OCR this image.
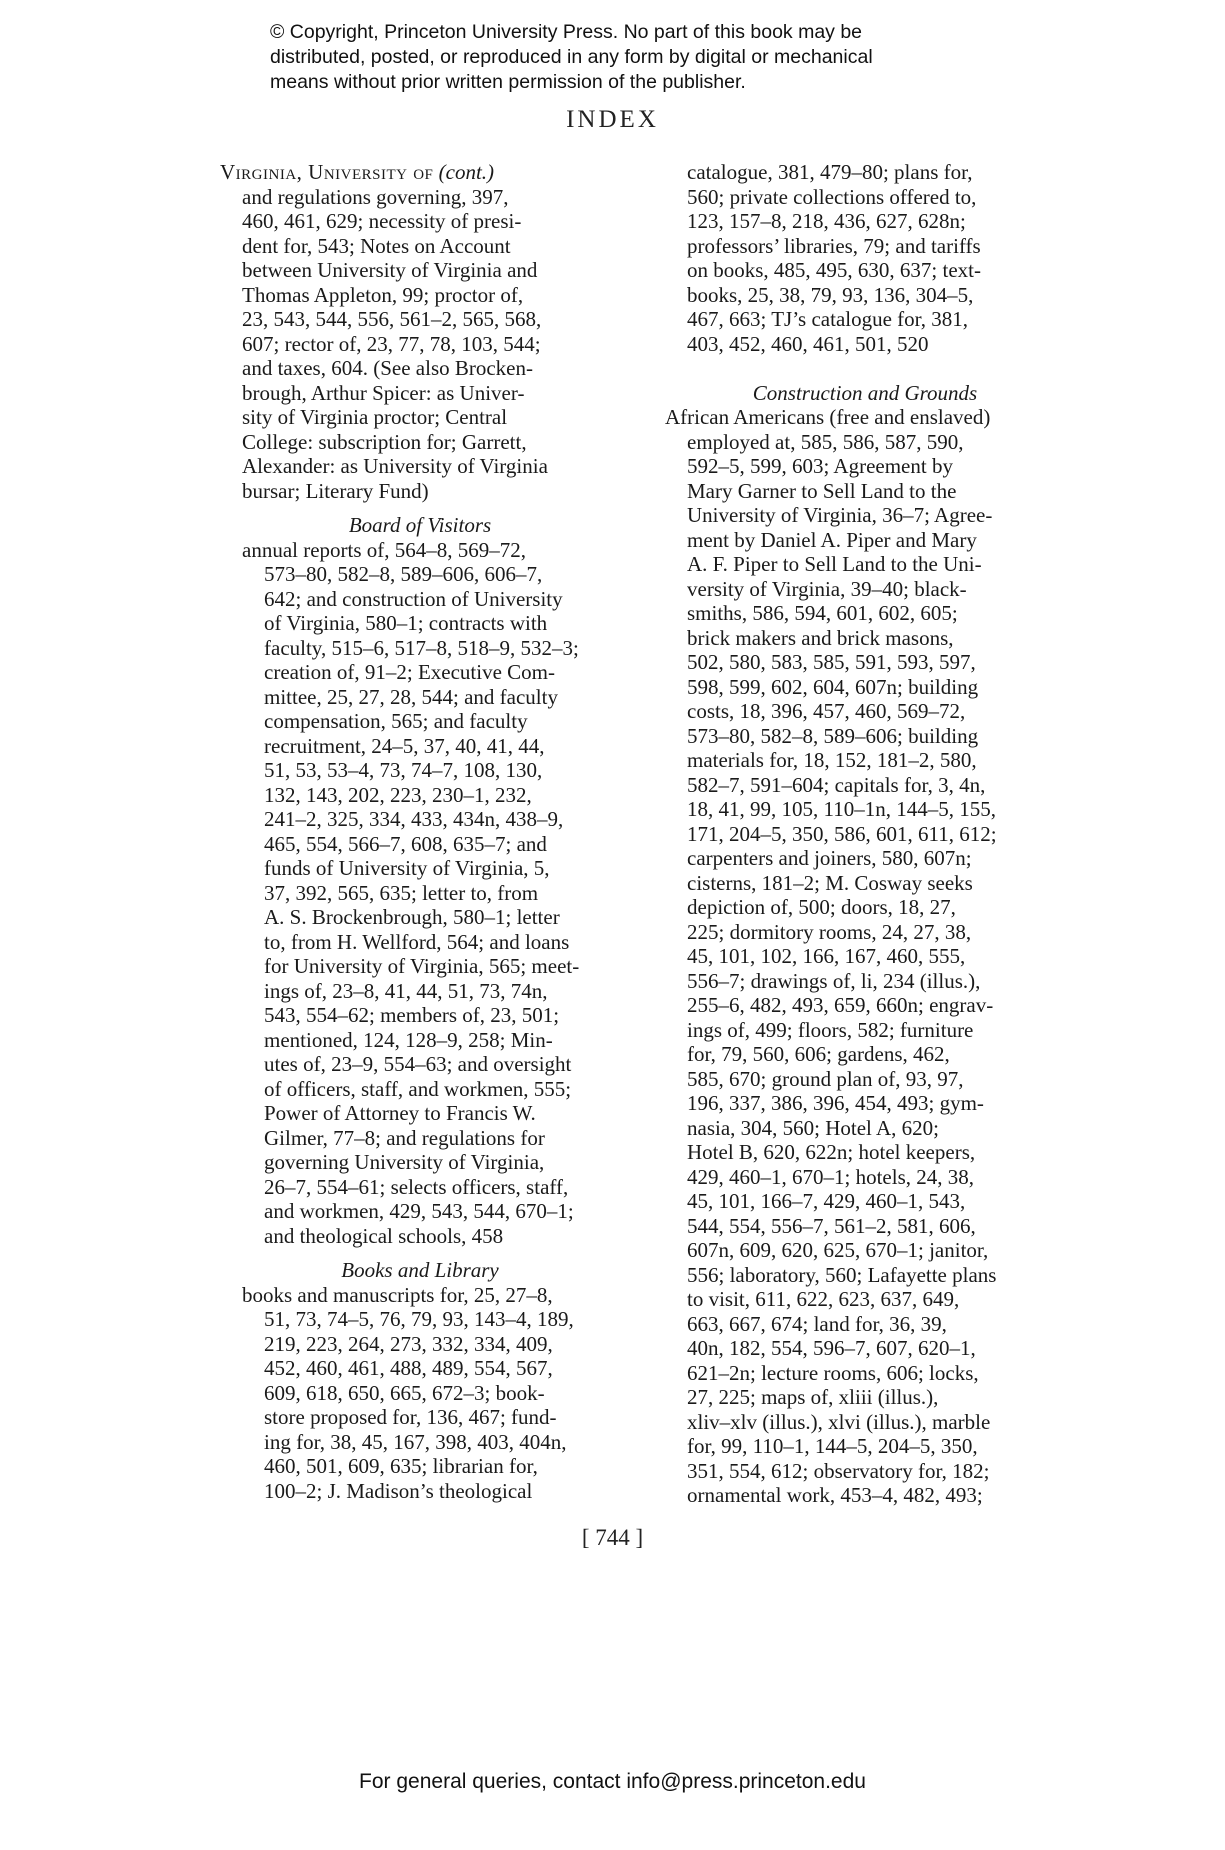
© Copyright, Princeton University Press. No part of this book may be
distributed, posted, or reproduced in any form by digital or mechanical
means without prior written permission of the publisher.
INDEX
Virginia, University of (cont.)
and regulations governing, 397,
460, 461, 629; necessity of presi-
dent for, 543; Notes on Account
between University of Virginia and
Thomas Appleton, 99; proctor of,
23, 543, 544, 556, 561–2, 565, 568,
607; rector of, 23, 77, 78, 103, 544;
and taxes, 604. (See also Brocken-
brough, Arthur Spicer: as Univer-
sity of Virginia proctor; Central
College: subscription for; Garrett,
Alexander: as University of Virginia
bursar; Literary Fund)
Board of Visitors
annual reports of, 564–8, 569–72,
573–80, 582–8, 589–606, 606–7,
642; and construction of University
of Virginia, 580–1; contracts with
faculty, 515–6, 517–8, 518–9, 532–3;
creation of, 91–2; Executive Com-
mittee, 25, 27, 28, 544; and faculty
compensation, 565; and faculty
recruitment, 24–5, 37, 40, 41, 44,
51, 53, 53–4, 73, 74–7, 108, 130,
132, 143, 202, 223, 230–1, 232,
241–2, 325, 334, 433, 434n, 438–9,
465, 554, 566–7, 608, 635–7; and
funds of University of Virginia, 5,
37, 392, 565, 635; letter to, from
A. S. Brockenbrough, 580–1; letter
to, from H. Wellford, 564; and loans
for University of Virginia, 565; meet-
ings of, 23–8, 41, 44, 51, 73, 74n,
543, 554–62; members of, 23, 501;
mentioned, 124, 128–9, 258; Min-
utes of, 23–9, 554–63; and oversight
of officers, staff, and workmen, 555;
Power of Attorney to Francis W.
Gilmer, 77–8; and regulations for
governing University of Virginia,
26–7, 554–61; selects officers, staff,
and workmen, 429, 543, 544, 670–1;
and theological schools, 458
Books and Library
books and manuscripts for, 25, 27–8,
51, 73, 74–5, 76, 79, 93, 143–4, 189,
219, 223, 264, 273, 332, 334, 409,
452, 460, 461, 488, 489, 554, 567,
609, 618, 650, 665, 672–3; book-
store proposed for, 136, 467; fund-
ing for, 38, 45, 167, 398, 403, 404n,
460, 501, 609, 635; librarian for,
100–2; J. Madison’s theological
catalogue, 381, 479–80; plans for,
560; private collections offered to,
123, 157–8, 218, 436, 627, 628n;
professors’ libraries, 79; and tariffs
on books, 485, 495, 630, 637; text-
books, 25, 38, 79, 93, 136, 304–5,
467, 663; TJ’s catalogue for, 381,
403, 452, 460, 461, 501, 520
Construction and Grounds
African Americans (free and enslaved)
employed at, 585, 586, 587, 590,
592–5, 599, 603; Agreement by
Mary Garner to Sell Land to the
University of Virginia, 36–7; Agree-
ment by Daniel A. Piper and Mary
A. F. Piper to Sell Land to the Uni-
versity of Virginia, 39–40; black-
smiths, 586, 594, 601, 602, 605;
brick makers and brick masons,
502, 580, 583, 585, 591, 593, 597,
598, 599, 602, 604, 607n; building
costs, 18, 396, 457, 460, 569–72,
573–80, 582–8, 589–606; building
materials for, 18, 152, 181–2, 580,
582–7, 591–604; capitals for, 3, 4n,
18, 41, 99, 105, 110–1n, 144–5, 155,
171, 204–5, 350, 586, 601, 611, 612;
carpenters and joiners, 580, 607n;
cisterns, 181–2; M. Cosway seeks
depiction of, 500; doors, 18, 27,
225; dormitory rooms, 24, 27, 38,
45, 101, 102, 166, 167, 460, 555,
556–7; drawings of, li, 234 (illus.),
255–6, 482, 493, 659, 660n; engrav-
ings of, 499; floors, 582; furniture
for, 79, 560, 606; gardens, 462,
585, 670; ground plan of, 93, 97,
196, 337, 386, 396, 454, 493; gym-
nasia, 304, 560; Hotel A, 620;
Hotel B, 620, 622n; hotel keepers,
429, 460–1, 670–1; hotels, 24, 38,
45, 101, 166–7, 429, 460–1, 543,
544, 554, 556–7, 561–2, 581, 606,
607n, 609, 620, 625, 670–1; janitor,
556; laboratory, 560; Lafayette plans
to visit, 611, 622, 623, 637, 649,
663, 667, 674; land for, 36, 39,
40n, 182, 554, 596–7, 607, 620–1,
621–2n; lecture rooms, 606; locks,
27, 225; maps of, xliii (illus.),
xliv–xlv (illus.), xlvi (illus.), marble
for, 99, 110–1, 144–5, 204–5, 350,
351, 554, 612; observatory for, 182;
ornamental work, 453–4, 482, 493;
[ 744 ]
For general queries, contact info@press.princeton.edu
